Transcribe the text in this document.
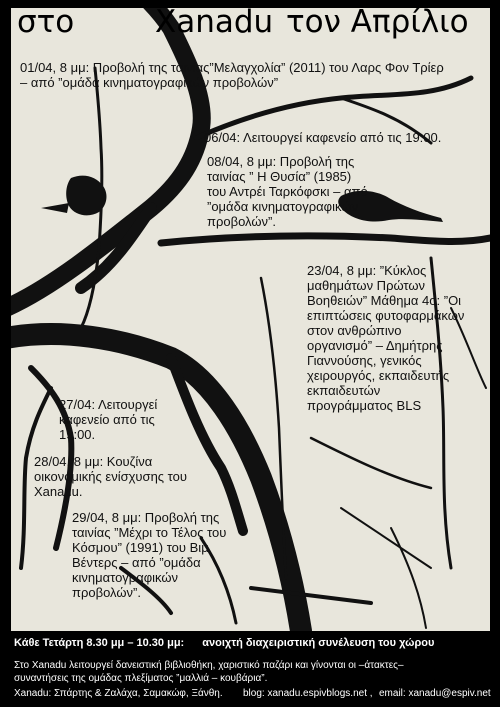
06/04: Λειτουργεί καφενείο από τις 19:00.
08/04, 8 μμ: Προβολή της
ταινίας ” Η Θυσία” (1985)
του Αντρέι Ταρκόφσκι – από
”ομάδα κινηματογραφικών
προβολών”.
23/04, 8 μμ: ”Κύκλος
μαθημάτων Πρώτων
Βοηθειών” Μάθημα 4ο: ”Οι
επιπτώσεις φυτοφαρμάκων
στον ανθρώπινο
οργανισμό” – Δημήτρης
Γιαννούσης, γενικός
χειρουργός, εκπαιδευτής
εκπαιδευτών
προγράμματος BLS
27/04: Λειτουργεί
καφενείο από τις
19:00.
28/04, 8 μμ: Κουζίνα
οικονομικής ενίσχυσης του
Xanadu.
29/04, 8 μμ: Προβολή της
ταινίας ”Μέχρι το Τέλος του
Κόσμου” (1991) του Βιμ
Βέντερς – από ”ομάδα
κινηματογραφικών
προβολών”.

στο

	Xanadu

τον Απρίλιο

01/04, 8 μμ: Προβολή της ταινίας”Μελαγχολία” (2011) του Λαρς Φον Τρίερ
– από ”ομάδα κινηματογραφικών προβολών”
Κάθε Τετάρτη 8.30 μμ – 10.30 μμ: ανοιχτή διαχειριστική συνέλευση του χώρου
Στο Xanadu λειτουργεί δανειστική βιβλιοθήκη, χαριστικό παζάρι και γίνονται οι –άτακτες–
συναντήσεις της ομάδας πλεξίματος ”μαλλιά – κουβάρια”.
Xanadu: Σπάρτης & Ζαλάχα, Σαμακώφ, Ξάνθη. blog: xanadu.espivblogs.net , email: xanadu@espiv.net
